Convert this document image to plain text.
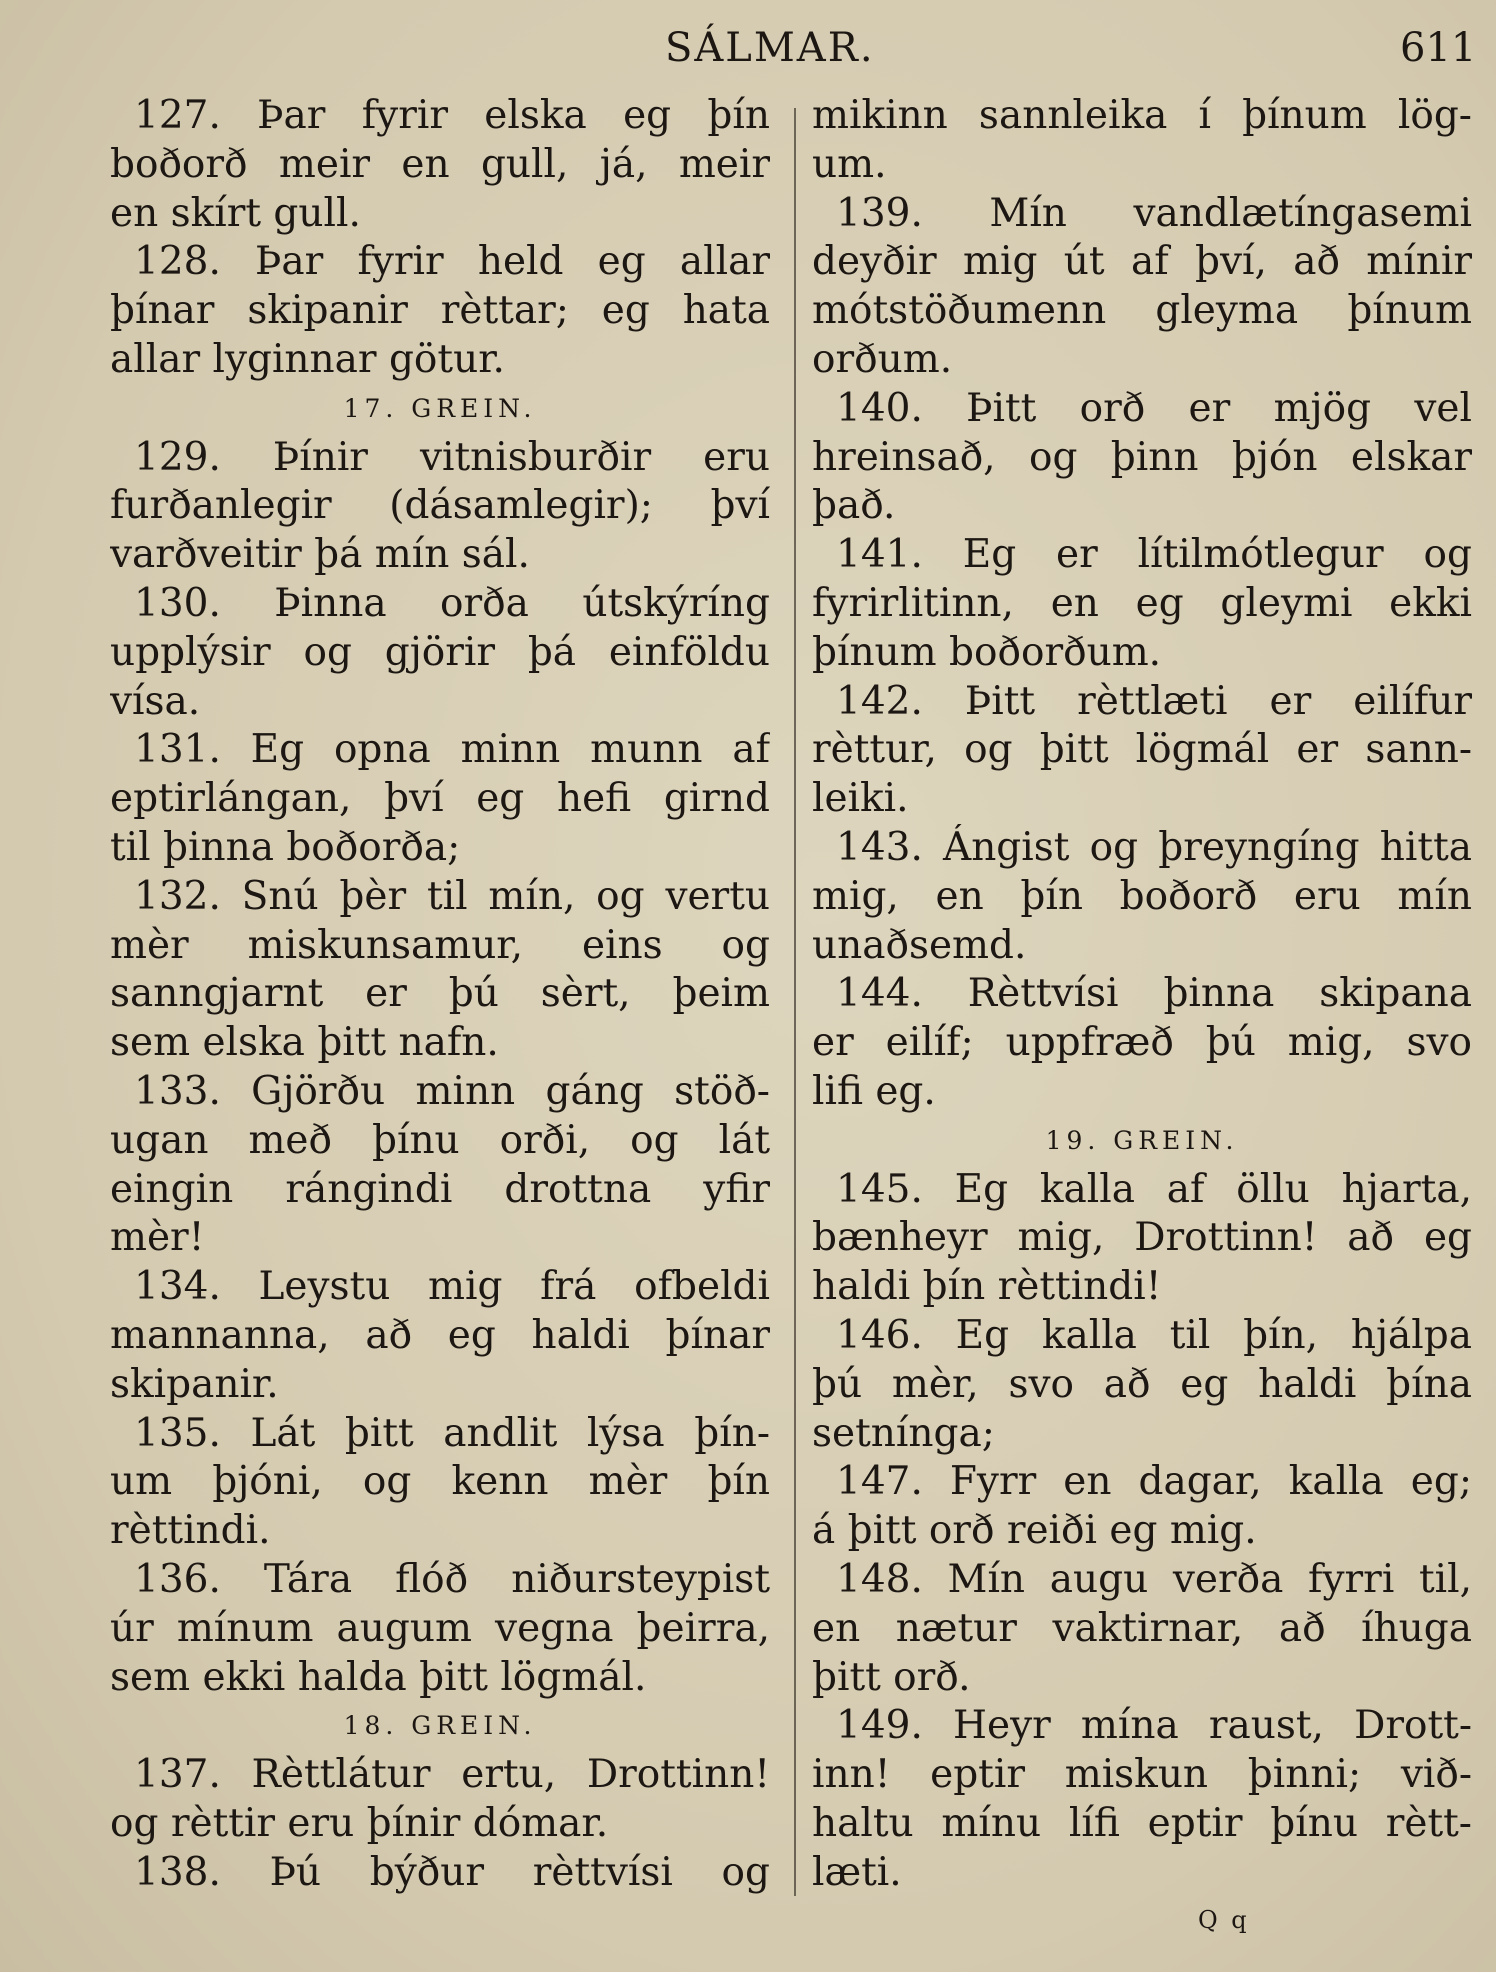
SÁLMAR.	611
127. Þar fyrir elska eg þín
boðorð meir en gull, já, meir
en skírt gull.
128. Þar fyrir held eg allar
þínar skipanir rèttar; eg hata
allar lyginnar götur.
17. GREIN.
129. Þínir vitnisburðir eru
furðanlegir (dásamlegir); því
varðveitir þá mín sál.
130. Þinna orða útskýríng
upplýsir og gjörir þá einföldu
vísa.
131. Eg opna minn munn af
eptirlángan, því eg hefi girnd
til þinna boðorða;
132. Snú þèr til mín, og vertu
mèr miskunsamur, eins og
sanngjarnt er þú sèrt, þeim
sem elska þitt nafn.
133. Gjörðu minn gáng stöð-
ugan með þínu orði, og lát
eingin rángindi drottna yfir
mèr!
134. Leystu mig frá ofbeldi
mannanna, að eg haldi þínar
skipanir.
135. Lát þitt andlit lýsa þín-
um þjóni, og kenn mèr þín
rèttindi.
136. Tára flóð niðursteypist
úr mínum augum vegna þeirra,
sem ekki halda þitt lögmál.
18. GREIN.
137. Rèttlátur ertu, Drottinn!
og rèttir eru þínir dómar.
138. Þú býður rèttvísi og
mikinn sannleika í þínum lög-
um.
139. Mín vandlætíngasemi
deyðir mig út af því, að mínir
mótstöðumenn gleyma þínum
orðum.
140. Þitt orð er mjög vel
hreinsað, og þinn þjón elskar
það.
141. Eg er lítilmótlegur og
fyrirlitinn, en eg gleymi ekki
þínum boðorðum.
142. Þitt rèttlæti er eilífur
rèttur, og þitt lögmál er sann-
leiki.
143. Ángist og þreyngíng hitta
mig, en þín boðorð eru mín
unaðsemd.
144. Rèttvísi þinna skipana
er eilíf; uppfræð þú mig, svo
lifi eg.
19. GREIN.
145. Eg kalla af öllu hjarta,
bænheyr mig, Drottinn! að eg
haldi þín rèttindi!
146. Eg kalla til þín, hjálpa
þú mèr, svo að eg haldi þína
setnínga;
147. Fyrr en dagar, kalla eg;
á þitt orð reiði eg mig.
148. Mín augu verða fyrri til,
en nætur vaktirnar, að íhuga
þitt orð.
149. Heyr mína raust, Drott-
inn! eptir miskun þinni; við-
haltu mínu lífi eptir þínu rètt-
læti.
Q q
